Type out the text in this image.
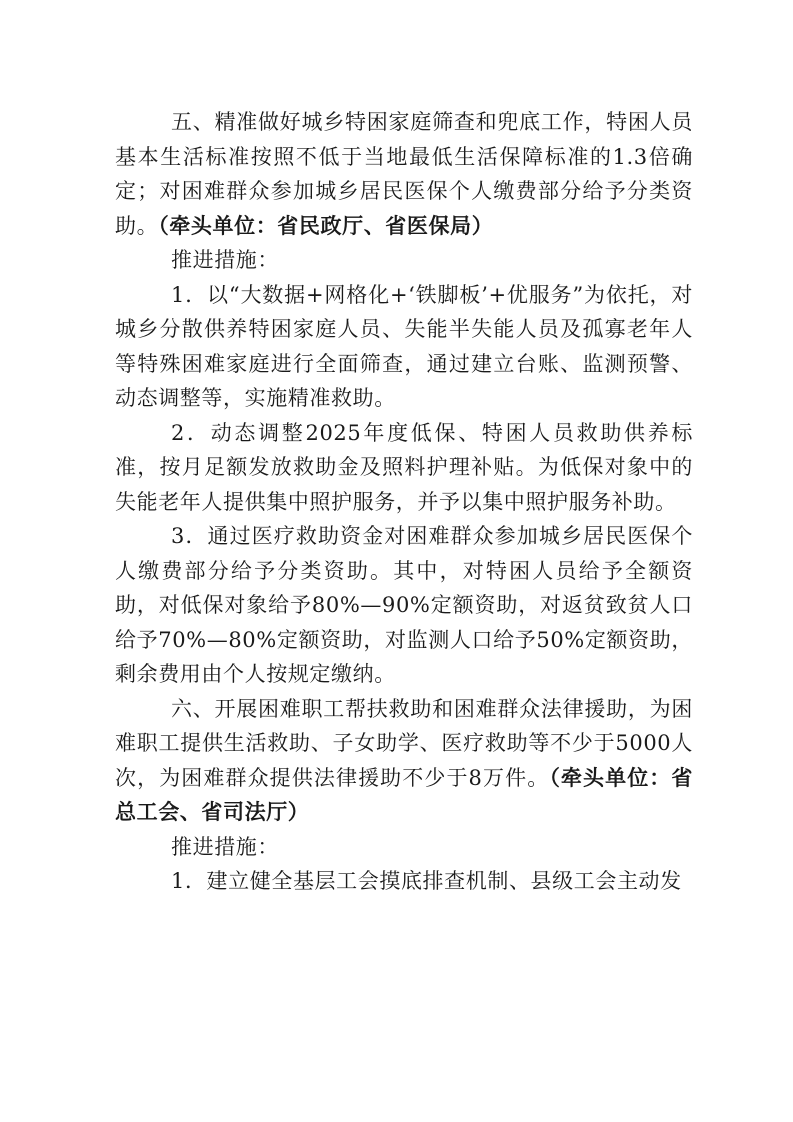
五、精准做好城乡特困家庭筛查和兜底工作，特困人员基本生活标准按照不低于当地最低生活保障标准的1.3倍确定；对困难群众参加城乡居民医保个人缴费部分给予分类资助。（牵头单位：省民政厅、省医保局）

推进措施：

1．以“大数据+网格化+‘铁脚板’+优服务”为依托，对城乡分散供养特困家庭人员、失能半失能人员及孤寡老年人等特殊困难家庭进行全面筛查，通过建立台账、监测预警、动态调整等，实施精准救助。

2．动态调整2025年度低保、特困人员救助供养标准，按月足额发放救助金及照料护理补贴。为低保对象中的失能老年人提供集中照护服务，并予以集中照护服务补助。

3．通过医疗救助资金对困难群众参加城乡居民医保个人缴费部分给予分类资助。其中，对特困人员给予全额资助，对低保对象给予80%—90%定额资助，对返贫致贫人口给予70%—80%定额资助，对监测人口给予50%定额资助，剩余费用由个人按规定缴纳。

六、开展困难职工帮扶救助和困难群众法律援助，为困难职工提供生活救助、子女助学、医疗救助等不少于5000人次，为困难群众提供法律援助不少于8万件。（牵头单位：省总工会、省司法厅）

推进措施：

1．建立健全基层工会摸底排查机制、县级工会主动发
